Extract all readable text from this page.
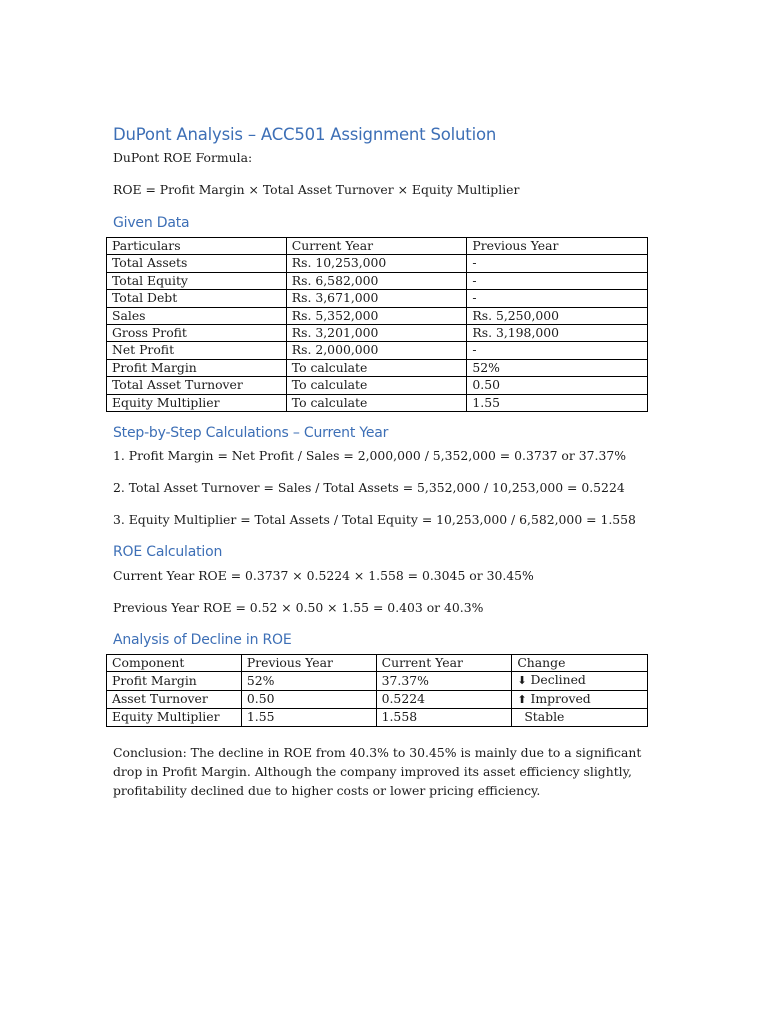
DuPont Analysis – ACC501 Assignment Solution

DuPont ROE Formula:

ROE = Profit Margin × Total Asset Turnover × Equity Multiplier

Given Data
Particulars	Current Year	Previous Year
Total Assets	Rs. 10,253,000	-
Total Equity	Rs. 6,582,000	-
Total Debt	Rs. 3,671,000	-
Sales	Rs. 5,352,000	Rs. 5,250,000
Gross Profit	Rs. 3,201,000	Rs. 3,198,000
Net Profit	Rs. 2,000,000	-
Profit Margin	To calculate	52%
Total Asset Turnover	To calculate	0.50
Equity Multiplier	To calculate	1.55
Step-by-Step Calculations – Current Year

1. Profit Margin = Net Profit / Sales = 2,000,000 / 5,352,000 = 0.3737 or 37.37%

2. Total Asset Turnover = Sales / Total Assets = 5,352,000 / 10,253,000 = 0.5224

3. Equity Multiplier = Total Assets / Total Equity = 10,253,000 / 6,582,000 = 1.558

ROE Calculation

Current Year ROE = 0.3737 × 0.5224 × 1.558 = 0.3045 or 30.45%

Previous Year ROE = 0.52 × 0.50 × 1.55 = 0.403 or 40.3%

Analysis of Decline in ROE
Component	Previous Year	Current Year	Change
Profit Margin	52%	37.37%	⬇ Declined
Asset Turnover	0.50	0.5224	⬆ Improved
Equity Multiplier	1.55	1.558	Stable

Conclusion: The decline in ROE from 40.3% to 30.45% is mainly due to a significant drop in Profit Margin. Although the company improved its asset efficiency slightly, profitability declined due to higher costs or lower pricing efficiency.
